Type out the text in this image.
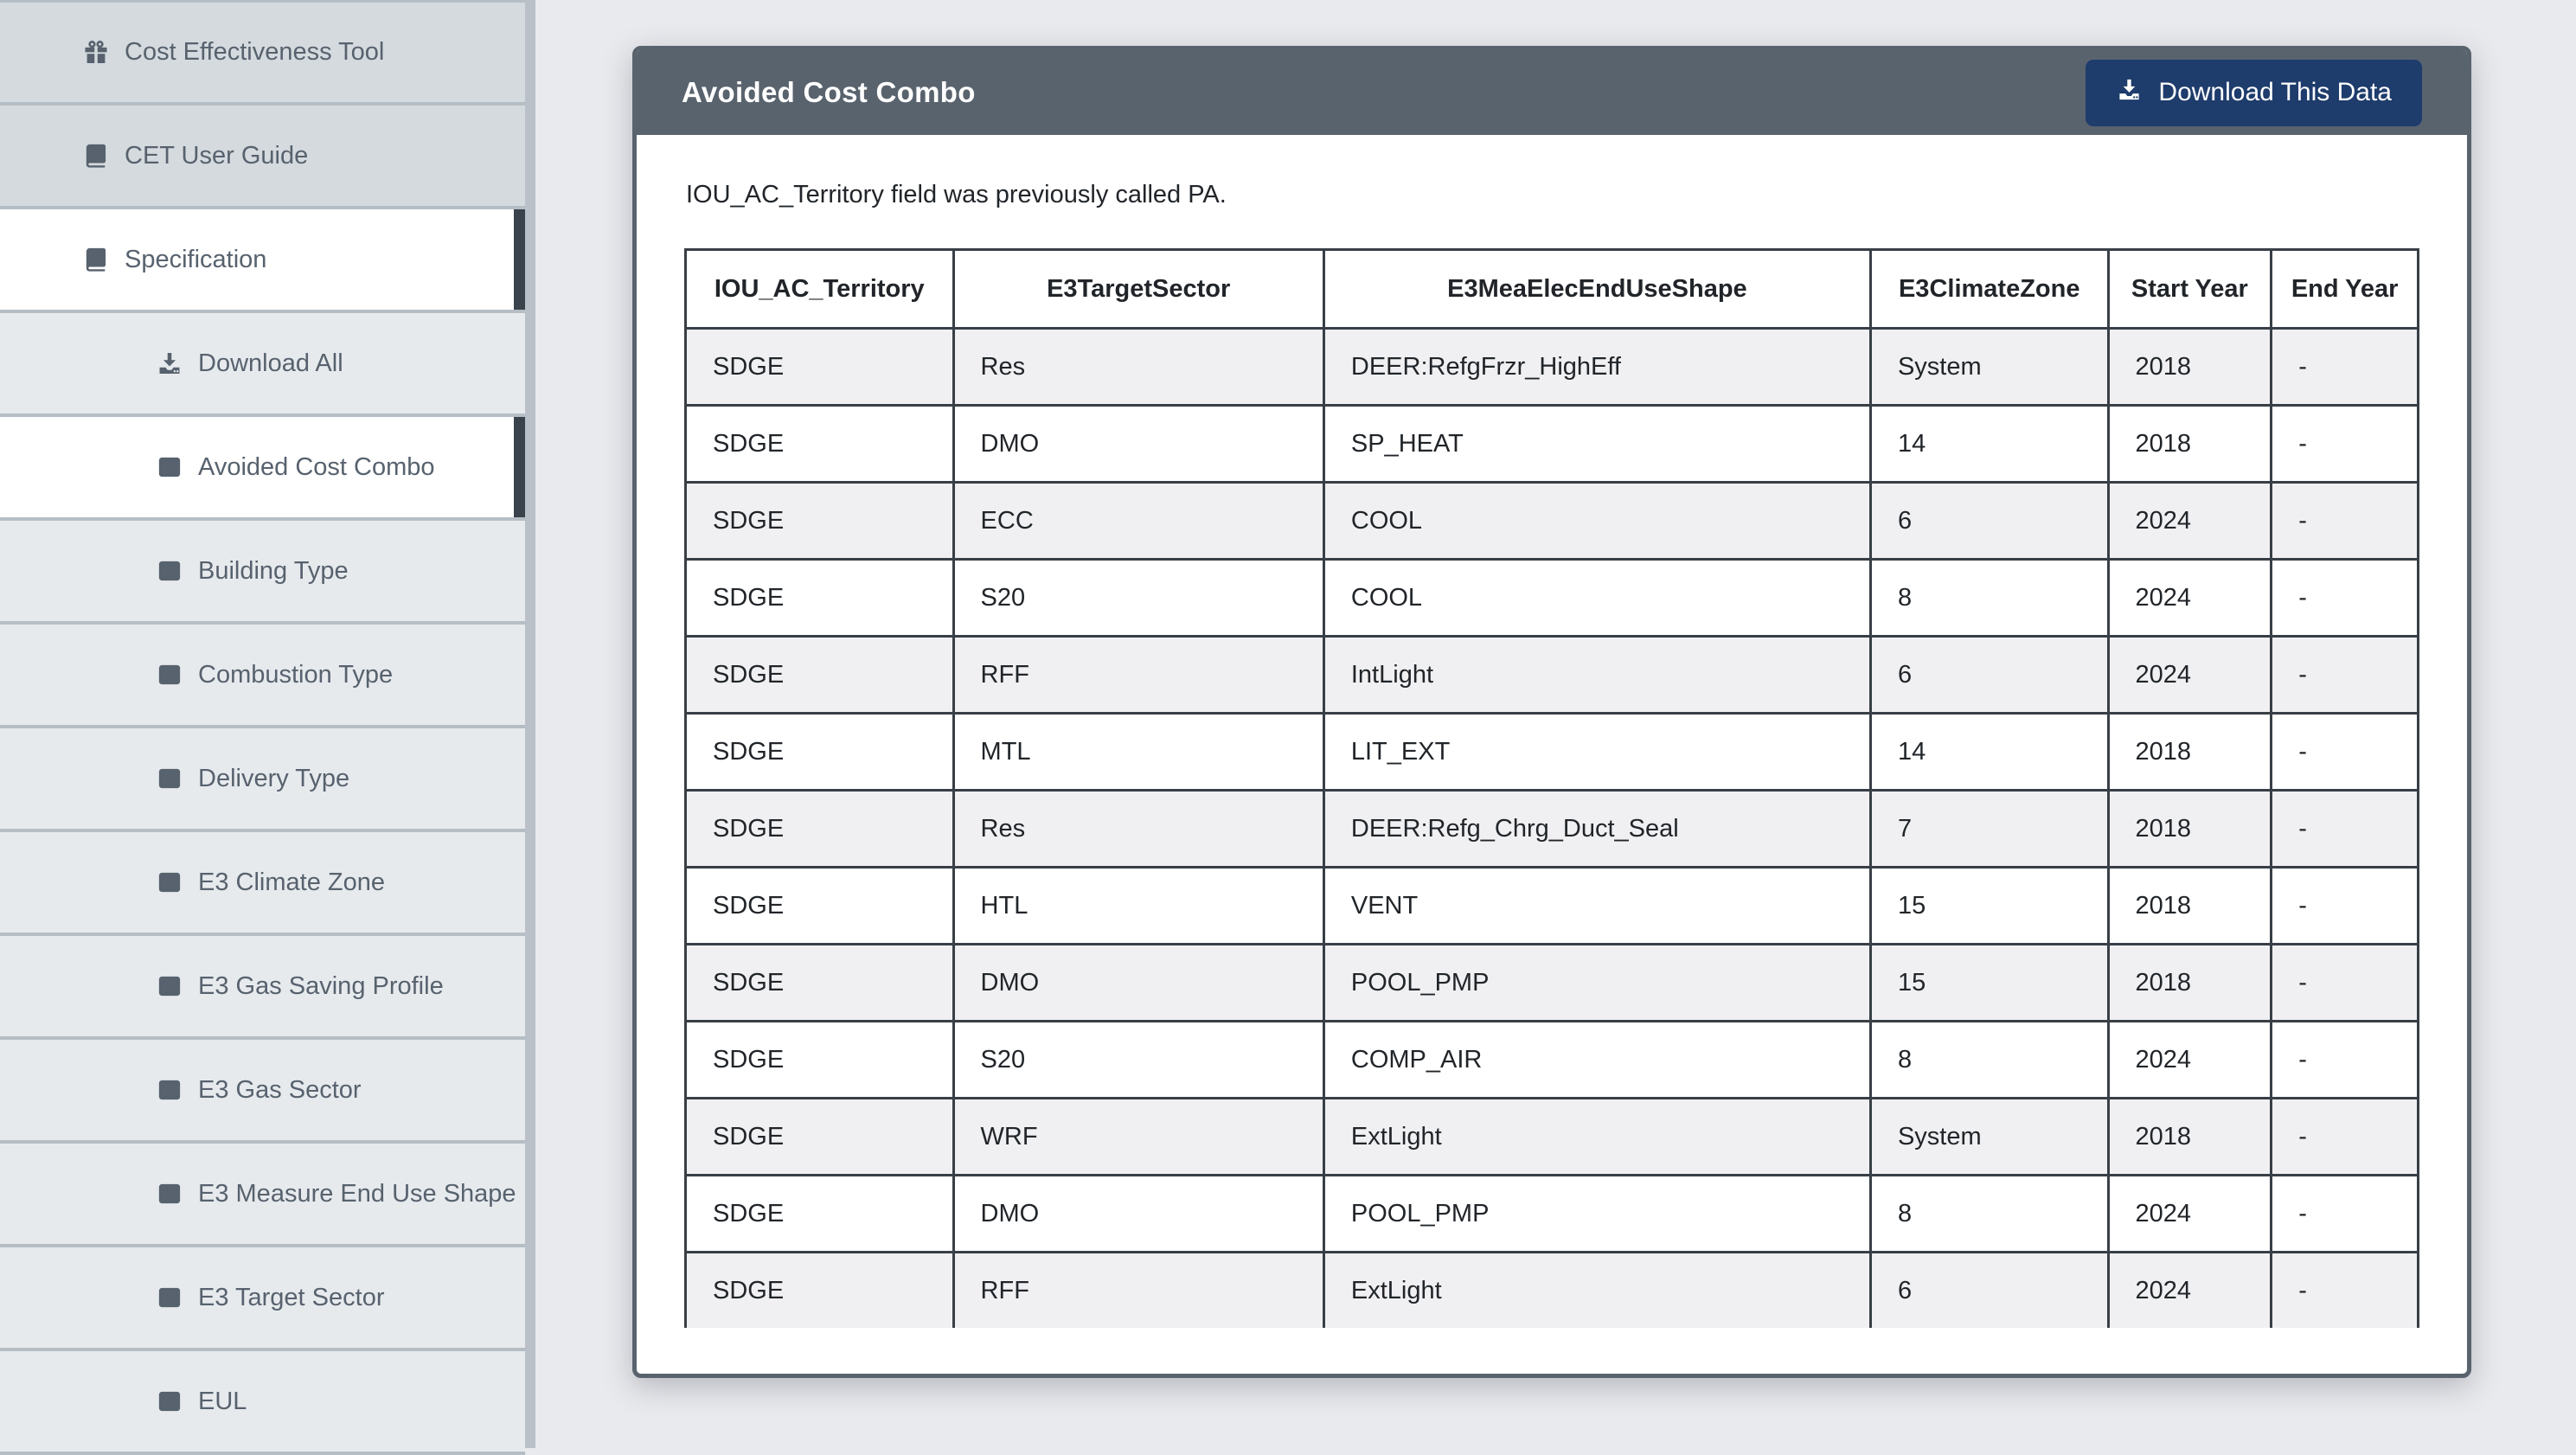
Cost Effectiveness Tool
CET User Guide
Specification
Download All
Avoided Cost Combo
Building Type
Combustion Type
Delivery Type
E3 Climate Zone
E3 Gas Saving Profile
E3 Gas Sector
E3 Measure End Use Shape
E3 Target Sector
EUL
Avoided Cost Combo	Download This Data

IOU_AC_Territory field was previously called PA.

IOU_AC_Territory	E3TargetSector	E3MeaElecEndUseShape	E3ClimateZone	Start Year	End Year
SDGE	Res	DEER:RefgFrzr_HighEff	System	2018	-
SDGE	DMO	SP_HEAT	14	2018	-
SDGE	ECC	COOL	6	2024	-
SDGE	S20	COOL	8	2024	-
SDGE	RFF	IntLight	6	2024	-
SDGE	MTL	LIT_EXT	14	2018	-
SDGE	Res	DEER:Refg_Chrg_Duct_Seal	7	2018	-
SDGE	HTL	VENT	15	2018	-
SDGE	DMO	POOL_PMP	15	2018	-
SDGE	S20	COMP_AIR	8	2024	-
SDGE	WRF	ExtLight	System	2018	-
SDGE	DMO	POOL_PMP	8	2024	-
SDGE	RFF	ExtLight	6	2024	-
